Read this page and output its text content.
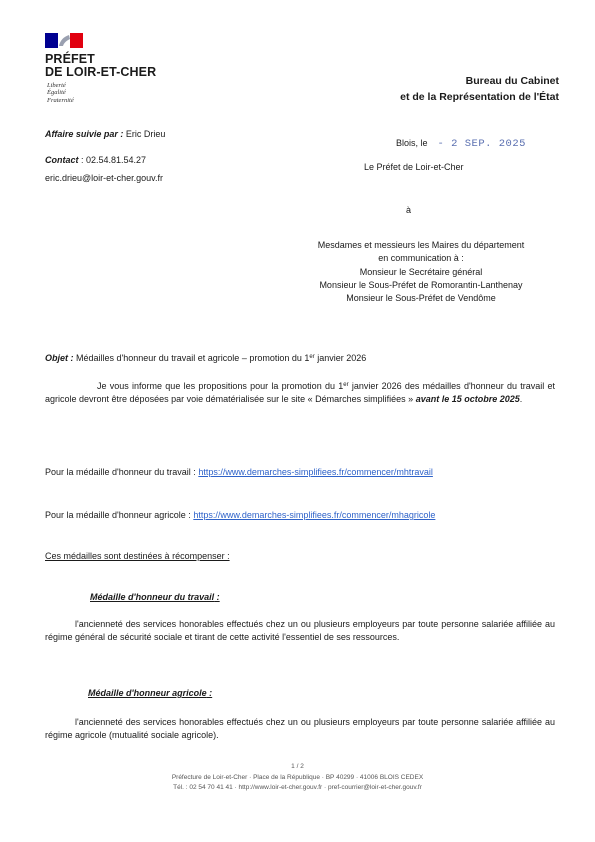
PRÉFET
DE LOIR-ET-CHER
Liberté
Égalité
Fraternité
Bureau du Cabinet
et de la Représentation de l'État
Affaire suivie par : Eric Drieu
Contact : 02.54.81.54.27
eric.drieu@loir-et-cher.gouv.fr
Blois, le - 2 SEP. 2025
Le Préfet de Loir-et-Cher
à
Mesdames et messieurs les Maires du département
en communication à :
Monsieur le Secrétaire général
Monsieur le Sous-Préfet de Romorantin-Lanthenay
Monsieur le Sous-Préfet de Vendôme
Objet : Médailles d'honneur du travail et agricole – promotion du 1er janvier 2026
Je vous informe que les propositions pour la promotion du 1er janvier 2026 des médailles d'honneur du travail et agricole devront être déposées par voie dématérialisée sur le site « Démarches simplifiées » avant le 15 octobre 2025.
Pour la médaille d'honneur du travail : https://www.demarches-simplifiees.fr/commencer/mhtravail
Pour la médaille d'honneur agricole : https://www.demarches-simplifiees.fr/commencer/mhagricole
Ces médailles sont destinées à récompenser :
Médaille d'honneur du travail :
l'ancienneté des services honorables effectués chez un ou plusieurs employeurs par toute personne salariée affiliée au régime général de sécurité sociale et tirant de cette activité l'essentiel de ses ressources.
Médaille d'honneur agricole :
l'ancienneté des services honorables effectués chez un ou plusieurs employeurs par toute personne salariée affiliée au régime agricole (mutualité sociale agricole).
1 / 2
Préfecture de Loir-et-Cher · Place de la République · BP 40299 · 41006 BLOIS CEDEX
Tél. : 02 54 70 41 41 · http://www.loir-et-cher.gouv.fr · pref-courrier@loir-et-cher.gouv.fr
